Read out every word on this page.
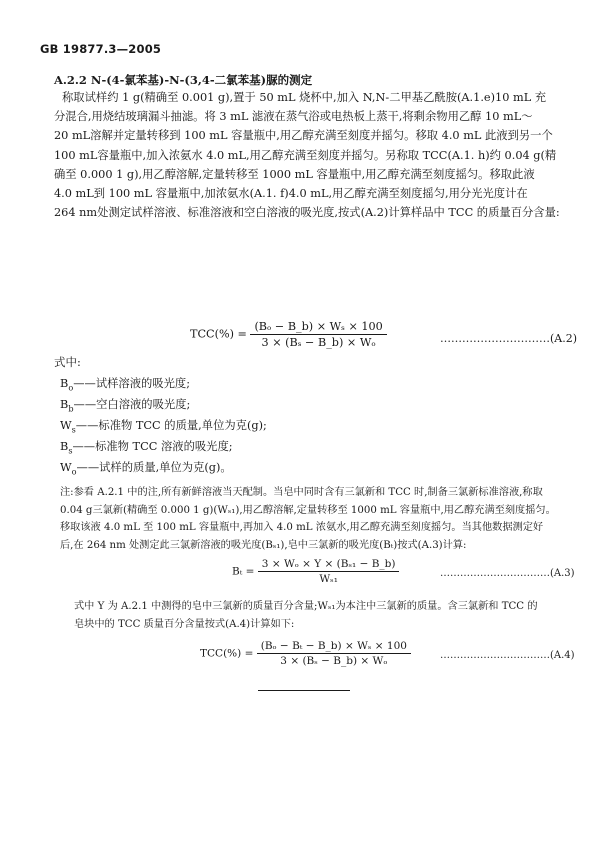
GB 19877.3—2005
A.2.2 N-(4-氯苯基)-N-(3,4-二氯苯基)脲的测定
称取试样约 1 g(精确至 0.001 g),置于 50 mL 烧杯中,加入 N,N-二甲基乙酰胺(A.1.e)10 mL 充
分混合,用烧结玻璃漏斗抽滤。将 3 mL 滤液在蒸气浴或电热板上蒸干,将剩余物用乙醇 10 mL～
20 mL溶解并定量转移到 100 mL 容量瓶中,用乙醇充满至刻度并摇匀。移取 4.0 mL 此液到另一个
100 mL容量瓶中,加入浓氨水 4.0 mL,用乙醇充满至刻度并摇匀。另称取 TCC(A.1. h)约 0.04 g(精
确至 0.000 1 g),用乙醇溶解,定量转移至 1000 mL 容量瓶中,用乙醇充满至刻度摇匀。移取此液
4.0 mL到 100 mL 容量瓶中,加浓氨水(A.1. f)4.0 mL,用乙醇充满至刻度摇匀,用分光光度计在
264 nm处测定试样溶液、标准溶液和空白溶液的吸光度,按式(A.2)计算样品中 TCC 的质量百分含量:
$TCC(\%) = \frac{\text{(Bₒ − B\_b) × Wₛ × 100}}{\text{3 × (Bₛ − B\_b) × Wₒ}}$	…………………………(A.2)
式中:
$B_o——$试样溶液的吸光度;
$B_b——$空白溶液的吸光度;
$W_s——$标准物 TCC 的质量,单位为克(g);
$B_s——$标准物 TCC 溶液的吸光度;
$W_o——$试样的质量,单位为克(g)。
注:参看 A.2.1 中的注,所有新鲜溶液当天配制。当皂中同时含有三氯新和 TCC 时,制备三氯新标准溶液,称取
0.04 g三氯新(精确至 0.000 1 g)(Wₛ₁),用乙醇溶解,定量转移至 1000 mL 容量瓶中,用乙醇充满至刻度摇匀。
移取该液 4.0 mL 至 100 mL 容量瓶中,再加入 4.0 mL 浓氨水,用乙醇充满至刻度摇匀。当其他数据测定好
后,在 264 nm 处测定此三氯新溶液的吸光度(Bₛ₁),皂中三氯新的吸光度(Bₜ)按式(A.3)计算:
$B_t = \frac{\text{3 × Wₒ × Y × (Bₛ₁ − B\_b)}}{\text{Wₛ₁}}$	……………………………(A.3)
式中 Y 为 A.2.1 中测得的皂中三氯新的质量百分含量;Wₛ₁为本注中三氯新的质量。含三氯新和 TCC 的
皂块中的 TCC 质量百分含量按式(A.4)计算如下:
$TCC(\%) = \frac{\text{(Bₒ − Bₜ − B\_b) × Wₛ × 100}}{\text{3 × (Bₛ − B\_b) × Wₒ}}$	……………………………(A.4)
